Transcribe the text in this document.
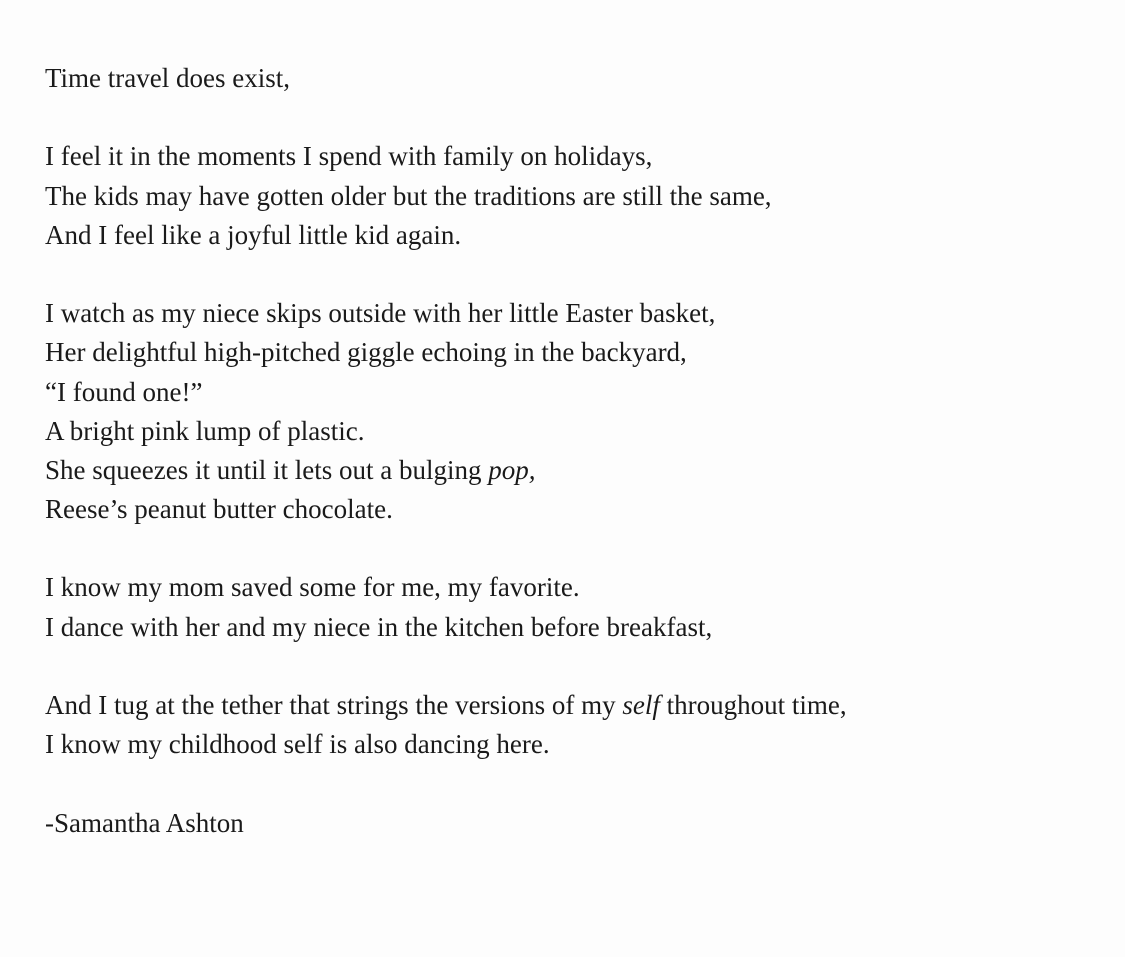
Time travel does exist,
I feel it in the moments I spend with family on holidays,
The kids may have gotten older but the traditions are still the same,
And I feel like a joyful little kid again.
I watch as my niece skips outside with her little Easter basket,
Her delightful high-pitched giggle echoing in the backyard,
“I found one!”
A bright pink lump of plastic.
She squeezes it until it lets out a bulging pop,
Reese’s peanut butter chocolate.
I know my mom saved some for me, my favorite.
I dance with her and my niece in the kitchen before breakfast,
And I tug at the tether that strings the versions of my self throughout time,
I know my childhood self is also dancing here.
-Samantha Ashton
